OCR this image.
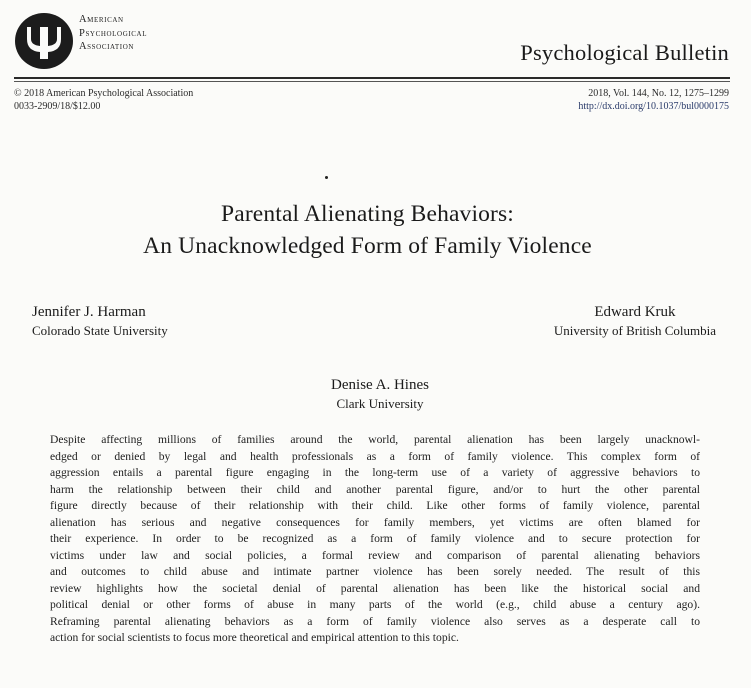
American
Psychological
Association	Psychological Bulletin
© 2018 American Psychological Association
0033-2909/18/$12.00
2018, Vol. 144, No. 12, 1275–1299
http://dx.doi.org/10.1037/bul0000175
Parental Alienating Behaviors:
An Unacknowledged Form of Family Violence
Jennifer J. Harman
Colorado State University
Edward Kruk
University of British Columbia
Denise A. Hines
Clark University
Despite affecting millions of families around the world, parental alienation has been largely unacknowl-
edged or denied by legal and health professionals as a form of family violence. This complex form of
aggression entails a parental figure engaging in the long-term use of a variety of aggressive behaviors to
harm the relationship between their child and another parental figure, and/or to hurt the other parental
figure directly because of their relationship with their child. Like other forms of family violence, parental
alienation has serious and negative consequences for family members, yet victims are often blamed for
their experience. In order to be recognized as a form of family violence and to secure protection for
victims under law and social policies, a formal review and comparison of parental alienating behaviors
and outcomes to child abuse and intimate partner violence has been sorely needed. The result of this
review highlights how the societal denial of parental alienation has been like the historical social and
political denial or other forms of abuse in many parts of the world (e.g., child abuse a century ago).
Reframing parental alienating behaviors as a form of family violence also serves as a desperate call to
action for social scientists to focus more theoretical and empirical attention to this topic.
